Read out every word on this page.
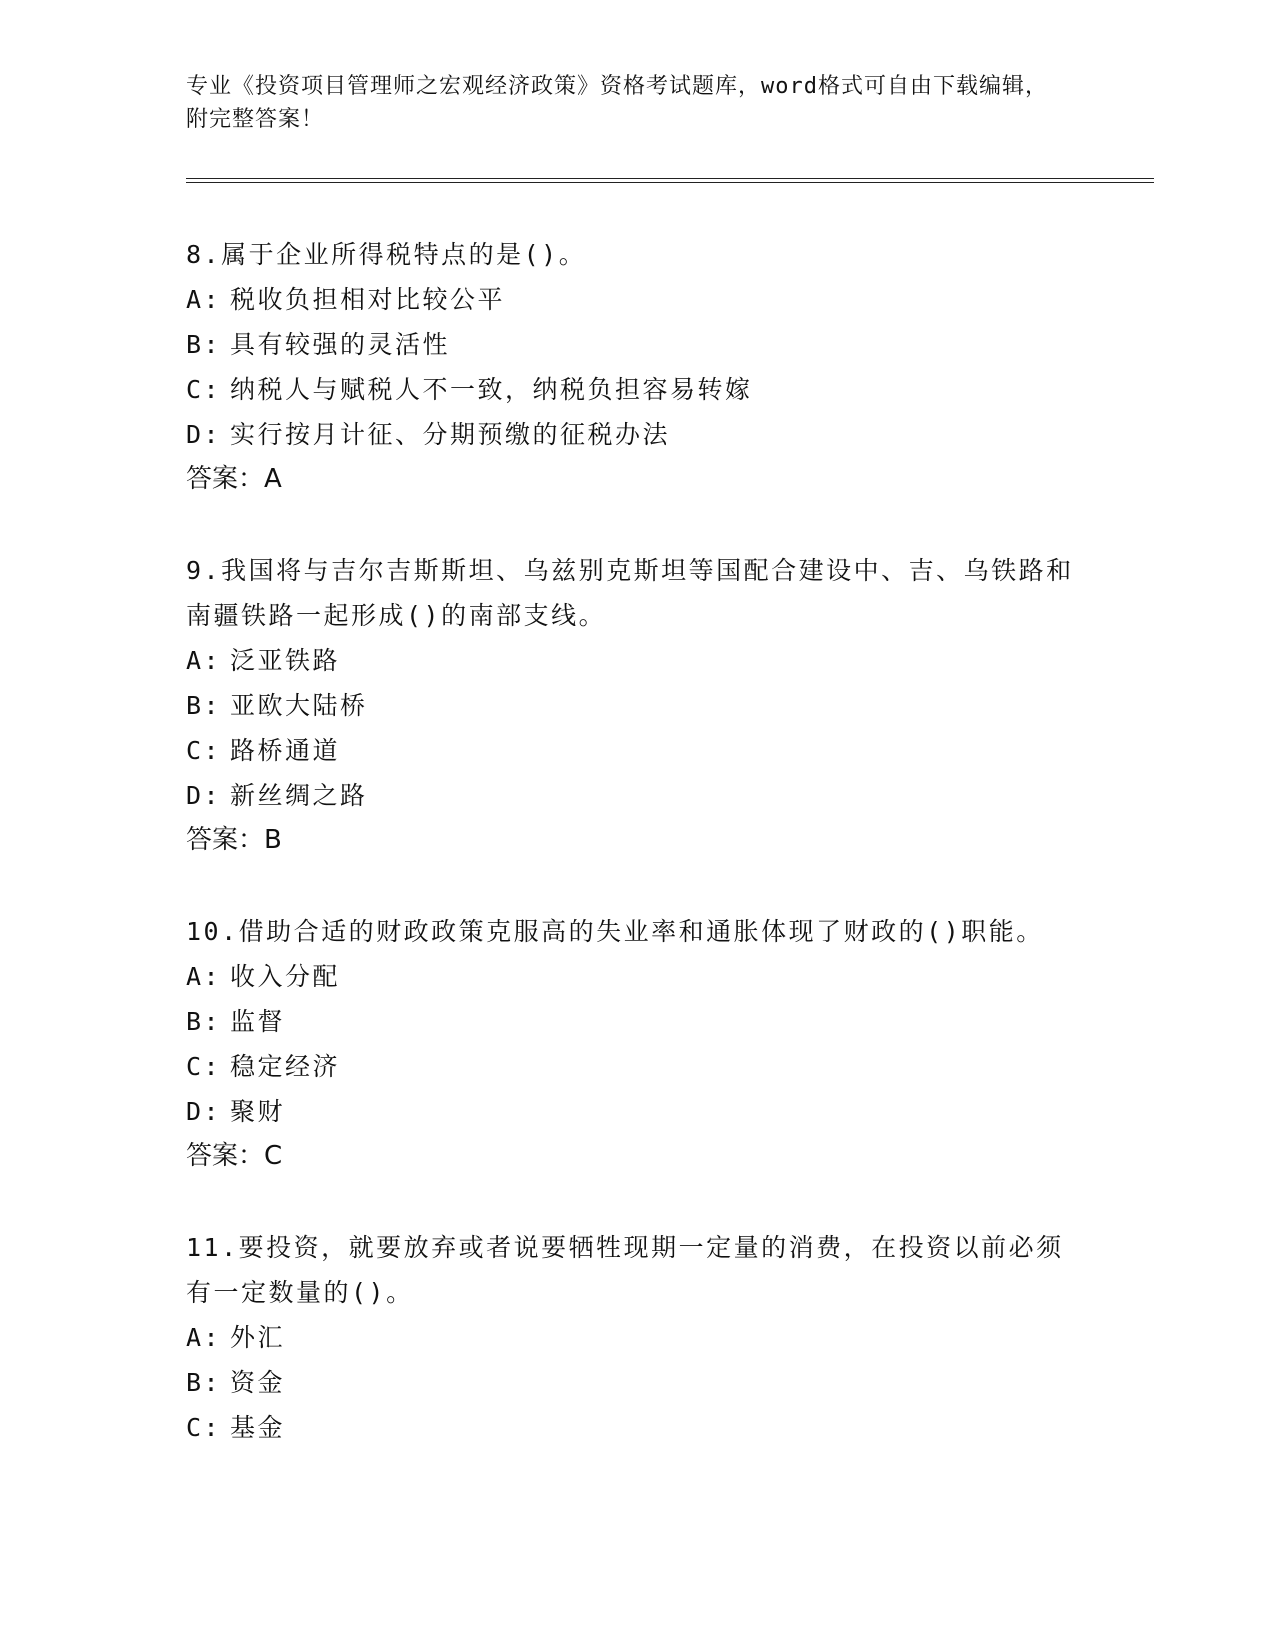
专业《投资项目管理师之宏观经济政策》资格考试题库，word格式可自由下载编辑，附完整答案！
8.属于企业所得税特点的是()。
A: 税收负担相对比较公平
B: 具有较强的灵活性
C: 纳税人与赋税人不一致，纳税负担容易转嫁
D: 实行按月计征、分期预缴的征税办法
答案：A
9.我国将与吉尔吉斯斯坦、乌兹别克斯坦等国配合建设中、吉、乌铁路和南疆铁路一起形成()的南部支线。
A: 泛亚铁路
B: 亚欧大陆桥
C: 路桥通道
D: 新丝绸之路
答案：B
10.借助合适的财政政策克服高的失业率和通胀体现了财政的()职能。
A: 收入分配
B: 监督
C: 稳定经济
D: 聚财
答案：C
11.要投资，就要放弃或者说要牺牲现期一定量的消费，在投资以前必须有一定数量的()。
A: 外汇
B: 资金
C: 基金
